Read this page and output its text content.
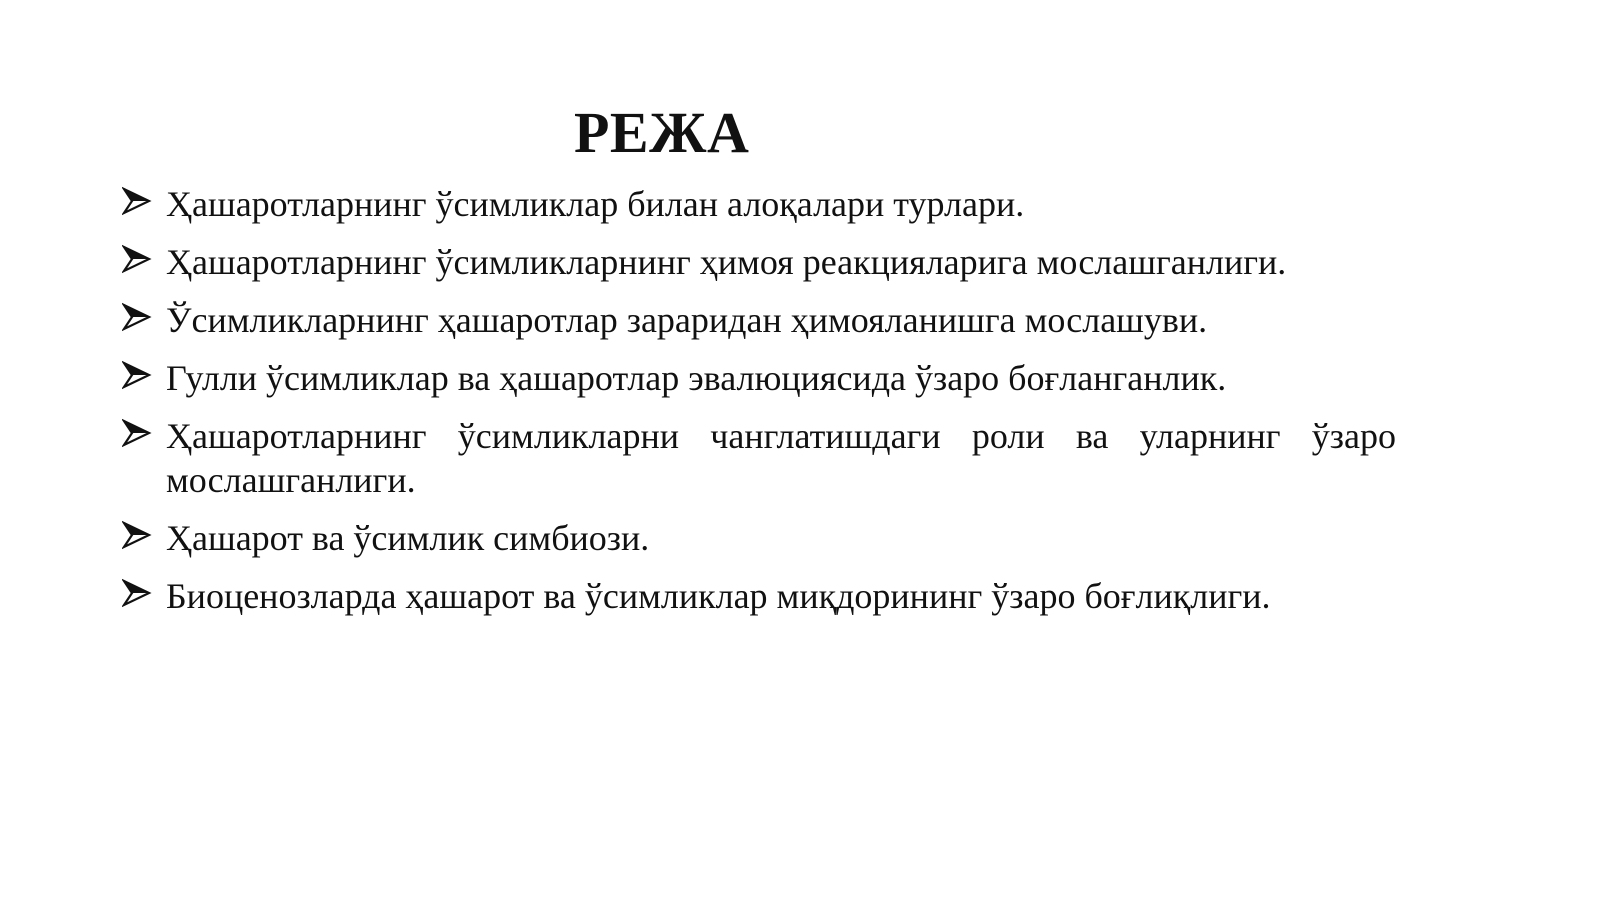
РЕЖА
Ҳашаротларнинг ўсимликлар билан алоқалари турлари.
Ҳашаротларнинг ўсимликларнинг ҳимоя реакцияларига мослашганлиги.
Ўсимликларнинг ҳашаротлар зараридан ҳимояланишга мослашуви.
Гулли ўсимликлар ва ҳашаротлар эвалюциясида ўзаро боғланганлик.
Ҳашаротларнинг ўсимликларни чанглатишдаги роли ва уларнинг ўзаро мослашганлиги.
Ҳашарот ва ўсимлик симбиози.
Биоценозларда ҳашарот ва ўсимликлар миқдорининг ўзаро боғлиқлиги.
